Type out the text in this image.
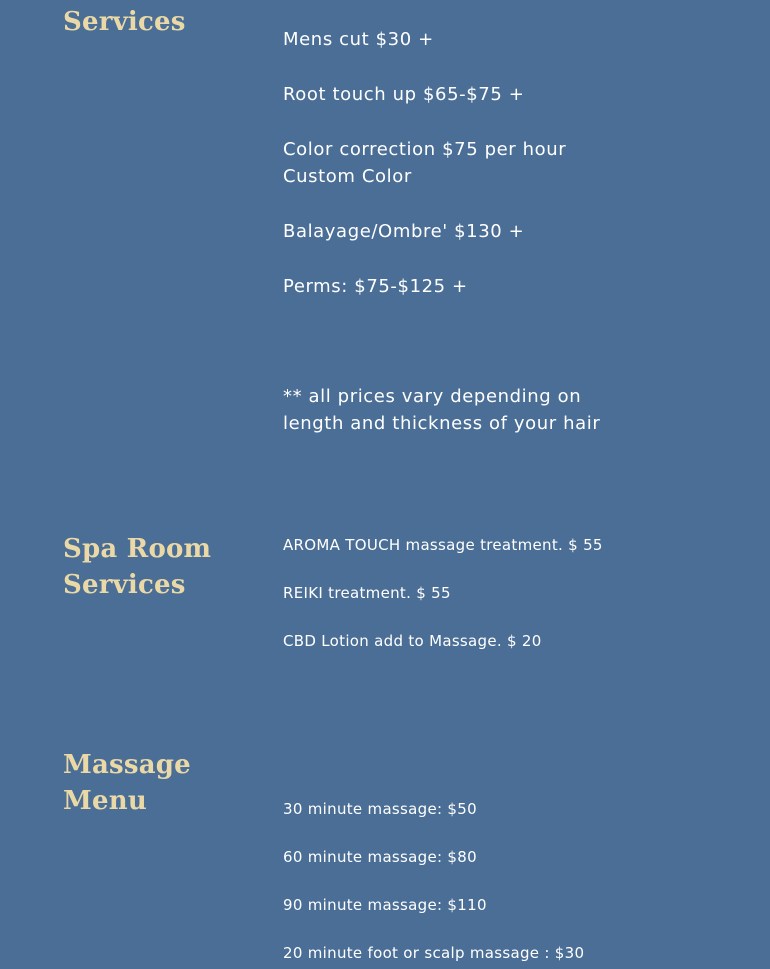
Services

Mens cut $30 +

Root touch up $65-$75 +

Color correction $75 per hour

Custom Color

Balayage/Ombre' $130 +

Perms: $75-$125 +

** all prices vary depending on

length and thickness of your hair

Spa Room
Services

AROMA TOUCH massage treatment. $ 55

REIKI treatment. $ 55

CBD Lotion add to Massage. $ 20

Massage
Menu	30 minute massage: $50

60 minute massage: $80

90 minute massage: $110

20 minute foot or scalp massage : $30
